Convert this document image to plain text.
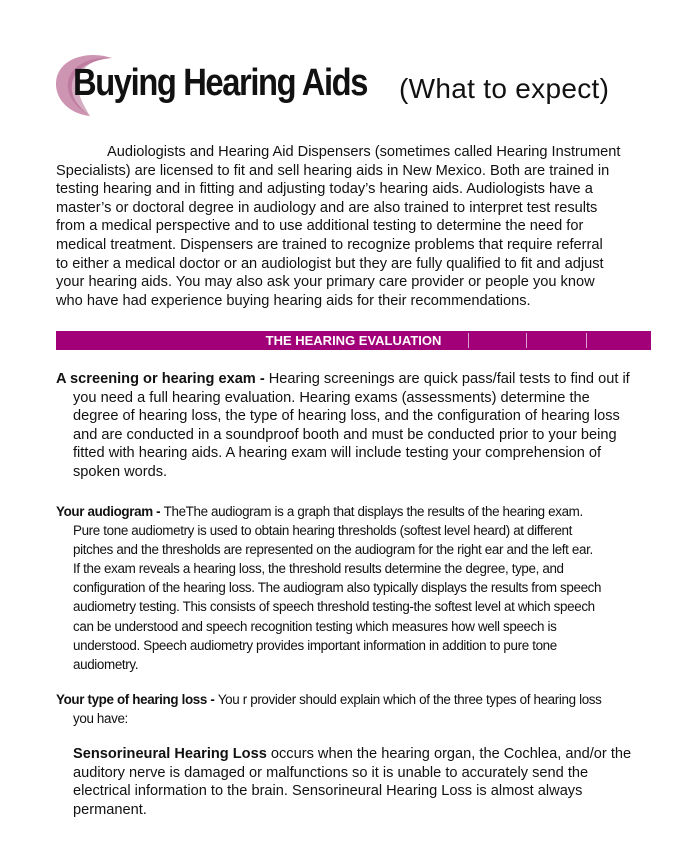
Buying Hearing Aids (What to expect)

Audiologists and Hearing Aid Dispensers (sometimes called Hearing Instrument
Specialists) are licensed to fit and sell hearing aids in New Mexico. Both are trained in
testing hearing and in fitting and adjusting today’s hearing aids. Audiologists have a
master’s or doctoral degree in audiology and are also trained to interpret test results
from a medical perspective and to use additional testing to determine the need for
medical treatment. Dispensers are trained to recognize problems that require referral
to either a medical doctor or an audiologist but they are fully qualified to fit and adjust
your hearing aids. You may also ask your primary care provider or people you know
who have had experience buying hearing aids for their recommendations.

THE HEARING EVALUATION
A screening or hearing exam - Hearing screenings are quick pass/fail tests to find out if
you need a full hearing evaluation. Hearing exams (assessments) determine the
degree of hearing loss, the type of hearing loss, and the configuration of hearing loss
and are conducted in a soundproof booth and must be conducted prior to your being
fitted with hearing aids. A hearing exam will include testing your comprehension of
spoken words.
Your audiogram - TheThe audiogram is a graph that displays the results of the hearing exam.
Pure tone audiometry is used to obtain hearing thresholds (softest level heard) at different
pitches and the thresholds are represented on the audiogram for the right ear and the left ear.
If the exam reveals a hearing loss, the threshold results determine the degree, type, and
configuration of the hearing loss. The audiogram also typically displays the results from speech
audiometry testing. This consists of speech threshold testing-the softest level at which speech
can be understood and speech recognition testing which measures how well speech is
understood. Speech audiometry provides important information in addition to pure tone
audiometry.
Your type of hearing loss - You r provider should explain which of the three types of hearing loss
you have:
Sensorineural Hearing Loss occurs when the hearing organ, the Cochlea, and/or the
auditory nerve is damaged or malfunctions so it is unable to accurately send the
electrical information to the brain. Sensorineural Hearing Loss is almost always
permanent.
